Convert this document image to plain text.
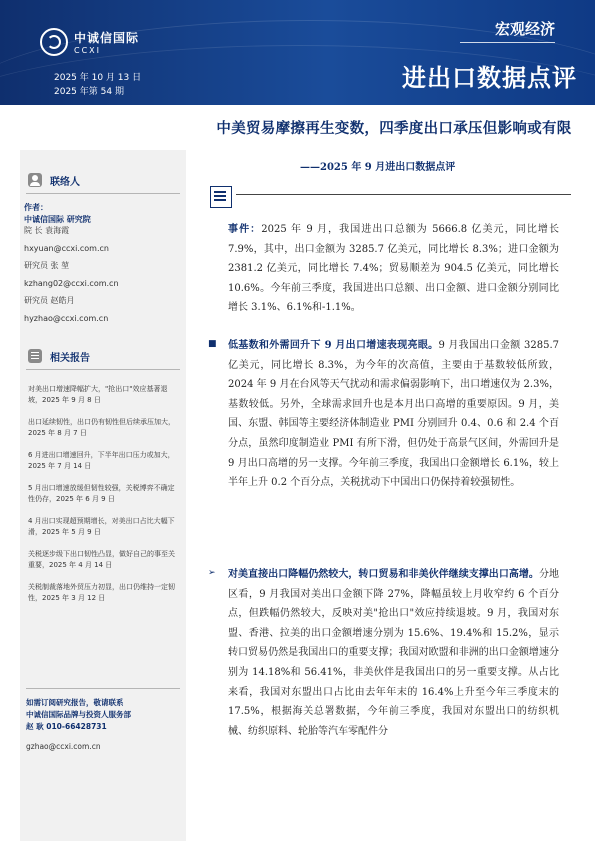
中诚信国际
CCXI
2025 年 10 月 13 日
2025 年第 54 期
宏观经济
进出口数据点评
中美贸易摩擦再生变数，四季度出口承压但影响或有限
——2025 年 9 月进出口数据点评
联络人
作者：
中诚信国际 研究院
院 长 袁海霞
hxyuan@ccxi.com.cn
研究员 张 堃
kzhang02@ccxi.com.cn
研究员 赵皓月
hyzhao@ccxi.com.cn
相关报告
对美出口增速降幅扩大，"抢出口"效应基著退坡，2025 年 9 月 8 日
出口延续韧性，出口仍有韧性但后续承压加大，2025 年 8 月 7 日
6 月进出口增速回升，下半年出口压力或加大，2025 年 7 月 14 日
5 月出口增速放缓但韧性较强，关税博弈不确定性仍存，2025 年 6 月 9 日
4 月出口实现超预期增长，对美出口占比大幅下滑，2025 年 5 月 9 日
关税逐步级下出口韧性凸显，做好自己的事至关重要，2025 年 4 月 14 日
关税制裁落地外贸压力初显，出口仍维持一定韧性，2025 年 3 月 12 日
如需订阅研究报告，敬请联系
中诚信国际品牌与投资人服务部
赵 耿 010-66428731
gzhao@ccxi.com.cn
事件：2025 年 9 月，我国进出口总额为 5666.8 亿美元，同比增长 7.9%，其中，出口金额为 3285.7 亿美元，同比增长 8.3%；进口金额为 2381.2 亿美元，同比增长 7.4%；贸易顺差为 904.5 亿美元，同比增长 10.6%。今年前三季度，我国进出口总额、出口金额、进口金额分别同比增长 3.1%、6.1%和-1.1%。
■ 低基数和外需回升下 9 月出口增速表现亮眼。9 月我国出口金额 3285.7 亿美元，同比增长 8.3%，为今年的次高值，主要由于基数较低所致，2024 年 9 月在台风等天气扰动和需求偏弱影响下，出口增速仅为 2.3%，基数较低。另外，全球需求回升也是本月出口高增的重要原因。9 月，美国、东盟、韩国等主要经济体制造业 PMI 分别回升 0.4、0.6 和 2.4 个百分点，虽然印度制造业 PMI 有所下滑，但仍处于高景气区间，外需回升是 9 月出口高增的另一支撑。今年前三季度，我国出口金额增长 6.1%，较上半年上升 0.2 个百分点，关税扰动下中国出口仍保持着较强韧性。
➢ 对美直接出口降幅仍然较大，转口贸易和非美伙伴继续支撑出口高增。分地区看，9 月我国对美出口金额下降 27%，降幅虽较上月收窄约 6 个百分点，但跌幅仍然较大，反映对美"抢出口"效应持续退坡。9 月，我国对东盟、香港、拉美的出口金额增速分别为 15.6%、19.4%和 15.2%，显示转口贸易仍然是我国出口的重要支撑；我国对欧盟和非洲的出口金额增速分别为 14.18%和 56.41%，非美伙伴是我国出口的另一重要支撑。从占比来看，我国对东盟出口占比由去年年末的 16.4%上升至今年三季度末的 17.5%，根据海关总署数据，今年前三季度，我国对东盟出口的纺织机械、纺织原料、轮胎等汽车零配件分
